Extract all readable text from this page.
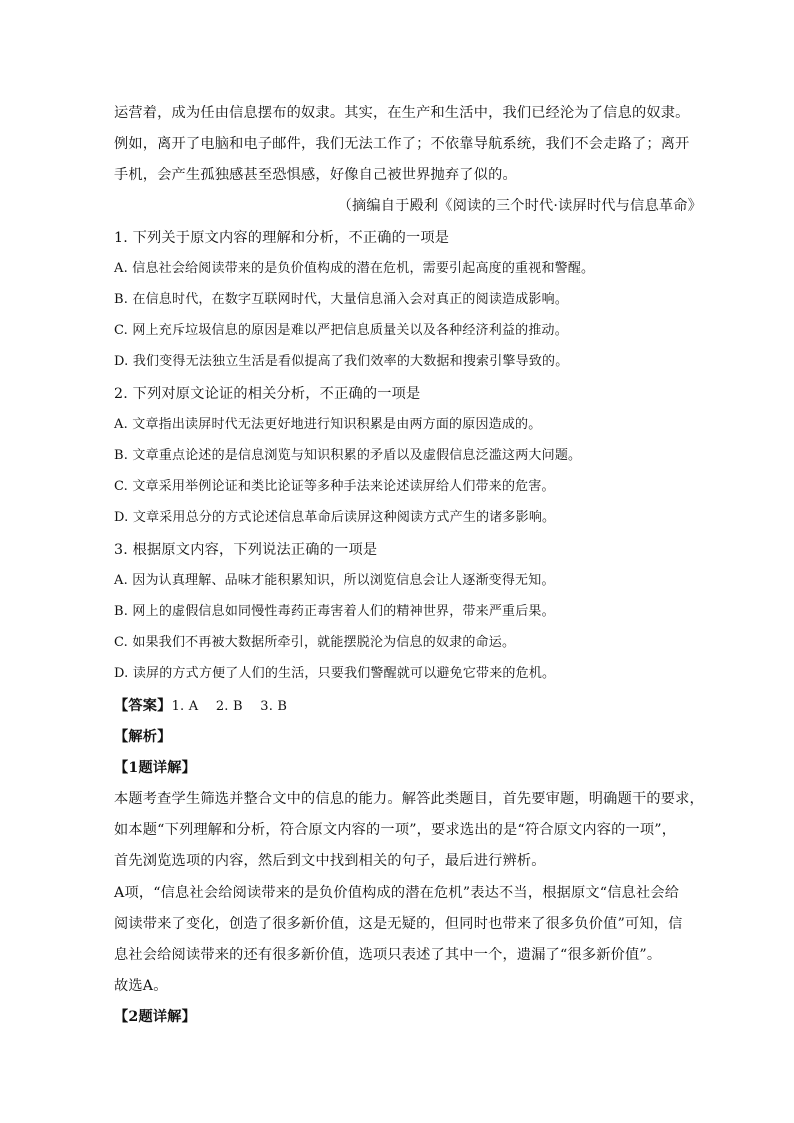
运营着，成为任由信息摆布的奴隶。其实，在生产和生活中，我们已经沦为了信息的奴隶。
例如，离开了电脑和电子邮件，我们无法工作了；不依靠导航系统，我们不会走路了；离开
手机，会产生孤独感甚至恐惧感，好像自己被世界抛弃了似的。
（摘编自于殿利《阅读的三个时代·读屏时代与信息革命》
1. 下列关于原文内容的理解和分析，不正确的一项是
A. 信息社会给阅读带来的是负价值构成的潜在危机，需要引起高度的重视和警醒。
B. 在信息时代，在数字互联网时代，大量信息涌入会对真正的阅读造成影响。
C. 网上充斥垃圾信息的原因是难以严把信息质量关以及各种经济利益的推动。
D. 我们变得无法独立生活是看似提高了我们效率的大数据和搜索引擎导致的。
2. 下列对原文论证的相关分析，不正确的一项是
A. 文章指出读屏时代无法更好地进行知识积累是由两方面的原因造成的。
B. 文章重点论述的是信息浏览与知识积累的矛盾以及虚假信息泛滥这两大问题。
C. 文章采用举例论证和类比论证等多种手法来论述读屏给人们带来的危害。
D. 文章采用总分的方式论述信息革命后读屏这种阅读方式产生的诸多影响。
3. 根据原文内容，下列说法正确的一项是
A. 因为认真理解、品味才能积累知识，所以浏览信息会让人逐渐变得无知。
B. 网上的虚假信息如同慢性毒药正毒害着人们的精神世界，带来严重后果。
C. 如果我们不再被大数据所牵引，就能摆脱沦为信息的奴隶的命运。
D. 读屏的方式方便了人们的生活，只要我们警醒就可以避免它带来的危机。
【答案】1. A　 2. B　 3. B
【解析】
【1题详解】
本题考查学生筛选并整合文中的信息的能力。解答此类题目，首先要审题，明确题干的要求，
如本题“下列理解和分析，符合原文内容的一项”，要求选出的是“符合原文内容的一项”，
首先浏览选项的内容，然后到文中找到相关的句子，最后进行辨析。
A项，“信息社会给阅读带来的是负价值构成的潜在危机”表达不当，根据原文“信息社会给
阅读带来了变化，创造了很多新价值，这是无疑的，但同时也带来了很多负价值”可知，信
息社会给阅读带来的还有很多新价值，选项只表述了其中一个，遗漏了“很多新价值”。
故选A。
【2题详解】
